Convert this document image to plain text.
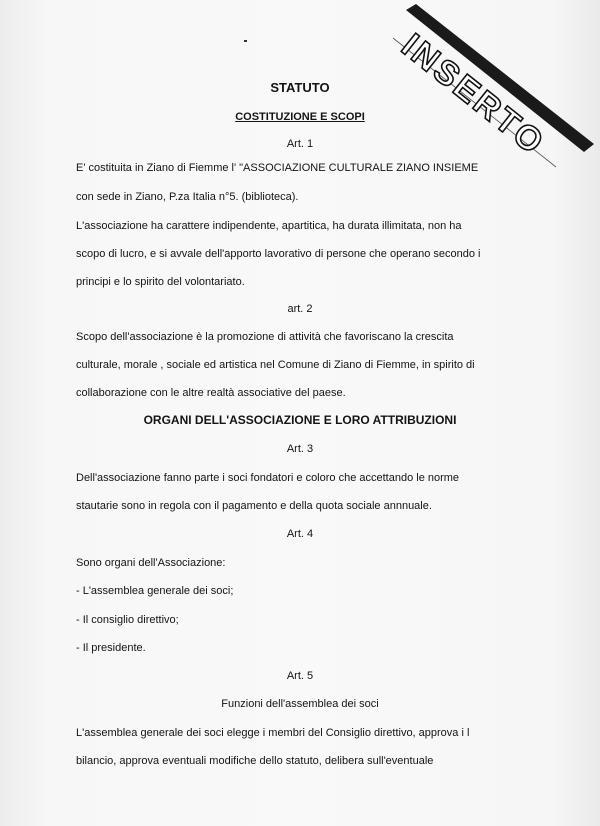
INSERTO
STATUTO
COSTITUZIONE E SCOPI
Art. 1
E' costituita in Ziano di Fiemme l' "ASSOCIAZIONE CULTURALE ZIANO INSIEME
con sede in Ziano, P.za Italia n°5. (biblioteca).
L'associazione ha carattere indipendente, apartitica, ha durata illimitata, non ha
scopo di lucro, e si avvale dell'apporto lavorativo di persone che operano secondo i
principi e lo spirito del volontariato.
art. 2
Scopo dell'associazione è la promozione di attività che favoriscano la crescita
culturale, morale , sociale ed artistica nel Comune di Ziano di Fiemme, in spirito di
collaborazione con le altre realtà associative del paese.
ORGANI DELL'ASSOCIAZIONE E LORO ATTRIBUZIONI
Art. 3
Dell'associazione fanno parte i soci fondatori e coloro che accettando le norme
stautarie sono in regola con il pagamento e della quota sociale annnuale.
Art. 4
Sono organi dell'Associazione:
- L'assemblea generale dei soci;
- Il consiglio direttivo;
- Il presidente.
Art. 5
Funzioni dell'assemblea dei soci
L'assemblea generale dei soci elegge i membri del Consiglio direttivo, approva i l
bilancio, approva eventuali modifiche dello statuto, delibera sull'eventuale
